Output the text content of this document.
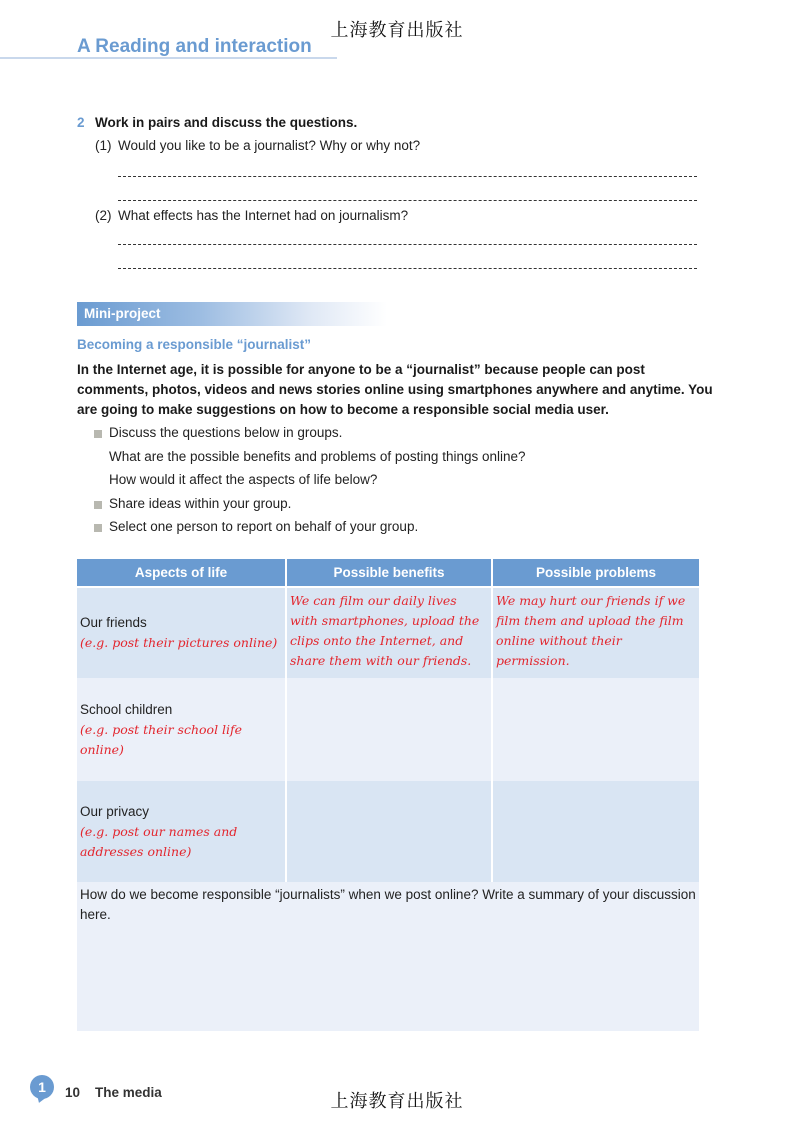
上海教育出版社
A Reading and interaction
2 Work in pairs and discuss the questions.
(1) Would you like to be a journalist? Why or why not?
(2) What effects has the Internet had on journalism?
Mini-project
Becoming a responsible “journalist”
In the Internet age, it is possible for anyone to be a “journalist” because people can post comments, photos, videos and news stories online using smartphones anywhere and anytime. You are going to make suggestions on how to become a responsible social media user.
Discuss the questions below in groups.
What are the possible benefits and problems of posting things online?
How would it affect the aspects of life below?
Share ideas within your group.
Select one person to report on behalf of your group.
Aspects of life	Possible benefits	Possible problems

Our friends
(e.g. post their pictures online)	We can film our daily lives with smartphones, upload the clips onto the Internet, and share them with our friends.	We may hurt our friends if we film them and upload the film online without their permission.

School children
(e.g. post their school life online)		

Our privacy
(e.g. post our names and addresses online)		

How do we become responsible “journalists” when we post online? Write a summary of your discussion here.		
1	10 The media	上海教育出版社
